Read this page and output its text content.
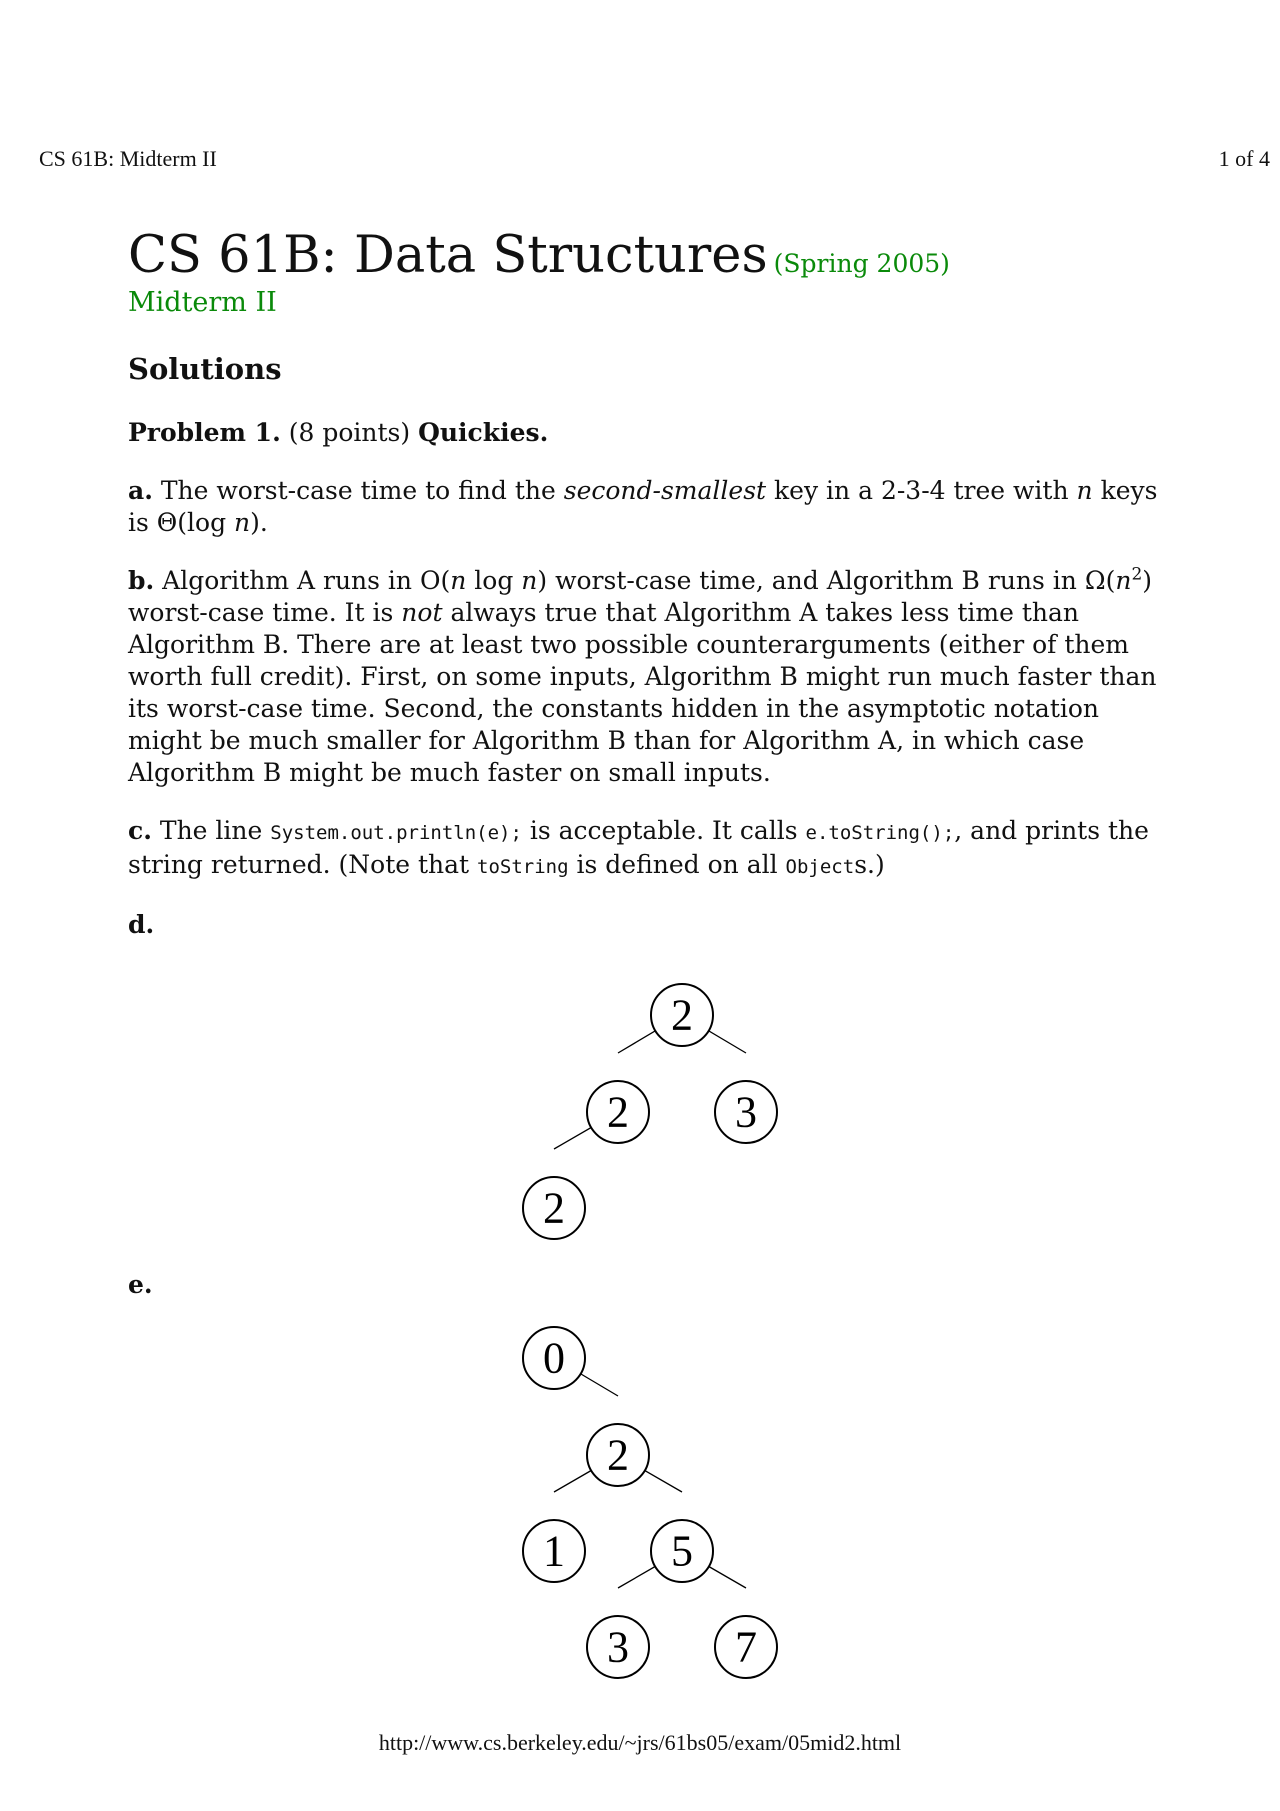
CS 61B: Midterm II	1 of 4
CS 61B: Data Structures (Spring 2005)
Midterm II
Solutions
Problem 1. (8 points) Quickies.

a. The worst-case time to find the second-smallest key in a 2-3-4 tree with n keys is Θ(log n).

b. Algorithm A runs in O(n log n) worst-case time, and Algorithm B runs in $\Omega(n^2)$ worst-case time. It is not always true that Algorithm A takes less time than Algorithm B. There are at least two possible counterarguments (either of them worth full credit). First, on some inputs, Algorithm B might run much faster than its worst-case time. Second, the constants hidden in the asymptotic notation might be much smaller for Algorithm B than for Algorithm A, in which case Algorithm B might be much faster on small inputs.

c. The line System.out.println(e); is acceptable. It calls e.toString();, and prints the string returned. (Note that toString is defined on all Objects.)

d.

2
2 3
2
e.
0
2
1 5
3 7
http://www.cs.berkeley.edu/~jrs/61bs05/exam/05mid2.html
